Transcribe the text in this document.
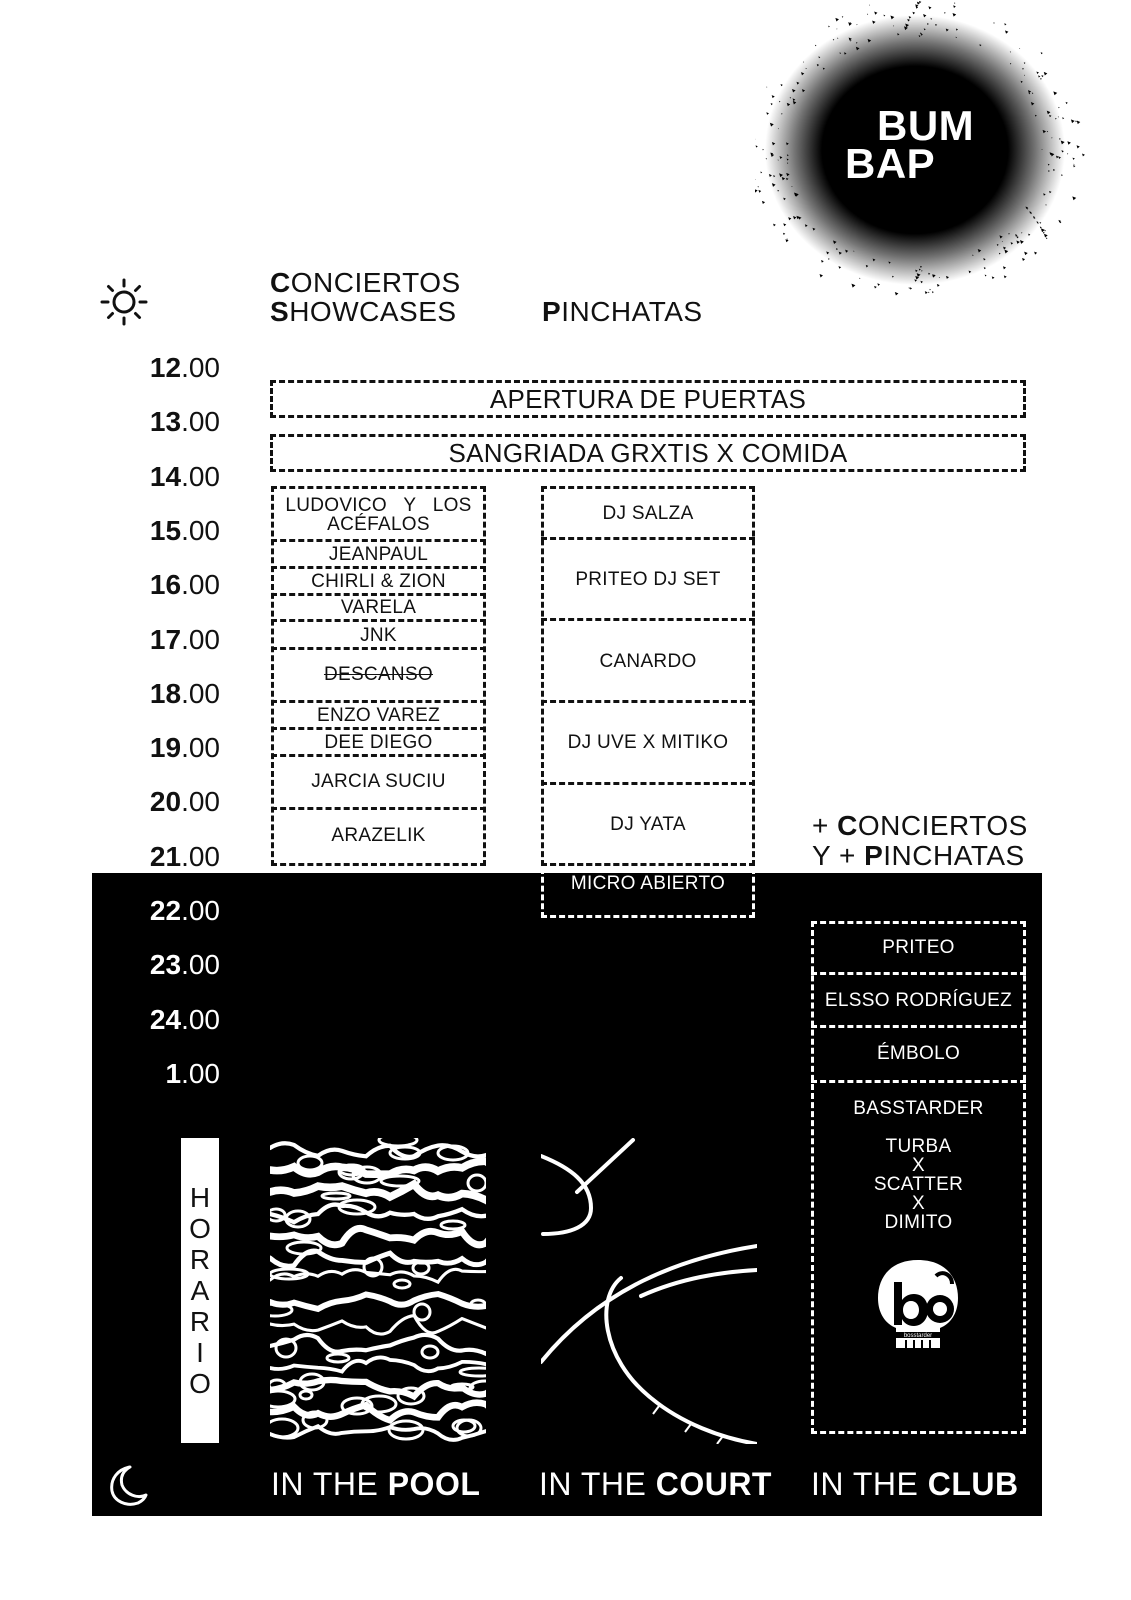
BUM
BAP
CONCIERTOS
SHOWCASES	PINCHATAS
12.00
13.00
14.00
15.00
16.00
17.00
18.00
19.00
20.00
21.00
22.00
23.00
24.00
1.00
APERTURA DE PUERTAS
SANGRIADA GRXTIS X COMIDA
LUDOVICO   Y   LOS
ACÉFALOS
JEANPAUL
CHIRLI & ZION
VARELA
JNK
DESCANSO
ENZO VAREZ
DEE DIEGO
JARCIA SUCIU
ARAZELIK
DJ SALZA
PRITEO DJ SET
CANARDO
DJ UVE X MITIKO
DJ YATA
MICRO ABIERTO
+ CONCIERTOS
Y + PINCHATAS
PRITEO
ELSSO RODRÍGUEZ
ÉMBOLO
BASSTARDER
TURBA
X
SCATTER
X
DIMITO
bosstarder
H
O
R
A
R
I
O
IN THE POOL IN THE COURT IN THE CLUB
